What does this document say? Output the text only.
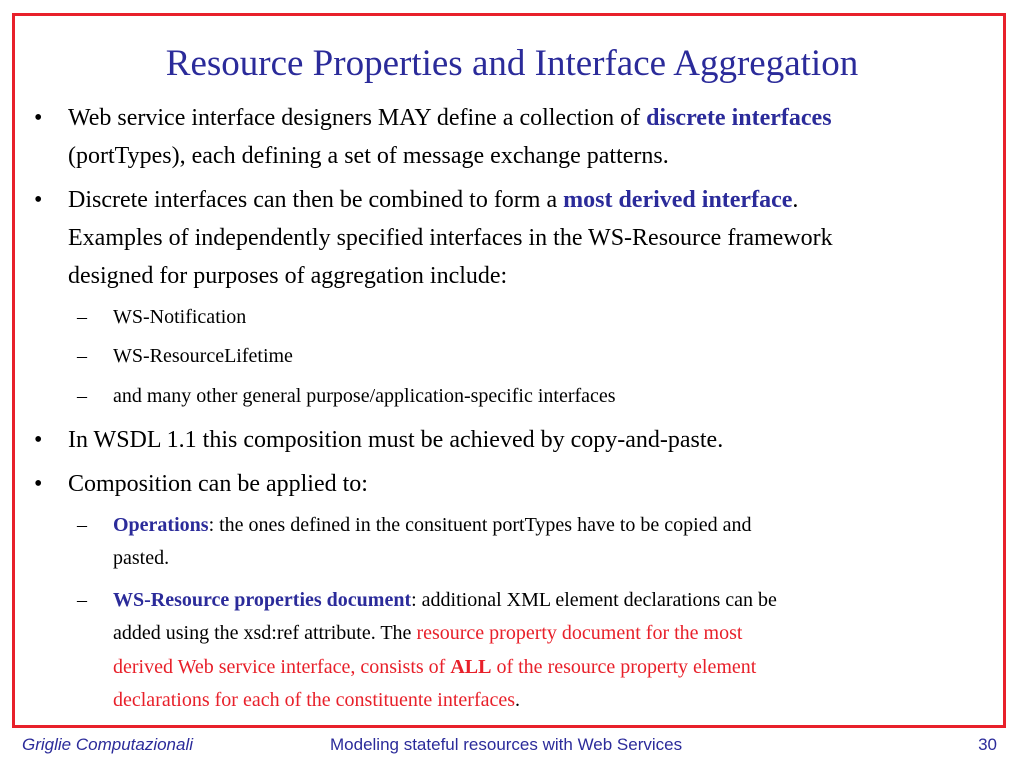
Resource Properties and Interface Aggregation
• Web service interface designers MAY define a collection of discrete interfaces
(portTypes), each defining a set of message exchange patterns.
• Discrete interfaces can then be combined to form a most derived interface.
Examples of independently specified interfaces in the WS-Resource framework
designed for purposes of aggregation include:
– WS-Notification
– WS-ResourceLifetime
– and many other general purpose/application-specific interfaces
• In WSDL 1.1 this composition must be achieved by copy-and-paste.
• Composition can be applied to:
– Operations: the ones defined in the consituent portTypes have to be copied and
pasted.
– WS-Resource properties document: additional XML element declarations can be
added using the xsd:ref attribute. The resource property document for the most
derived Web service interface, consists of ALL of the resource property element
declarations for each of the constituente interfaces.
Griglie Computazionali	Modeling stateful resources with Web Services	30
